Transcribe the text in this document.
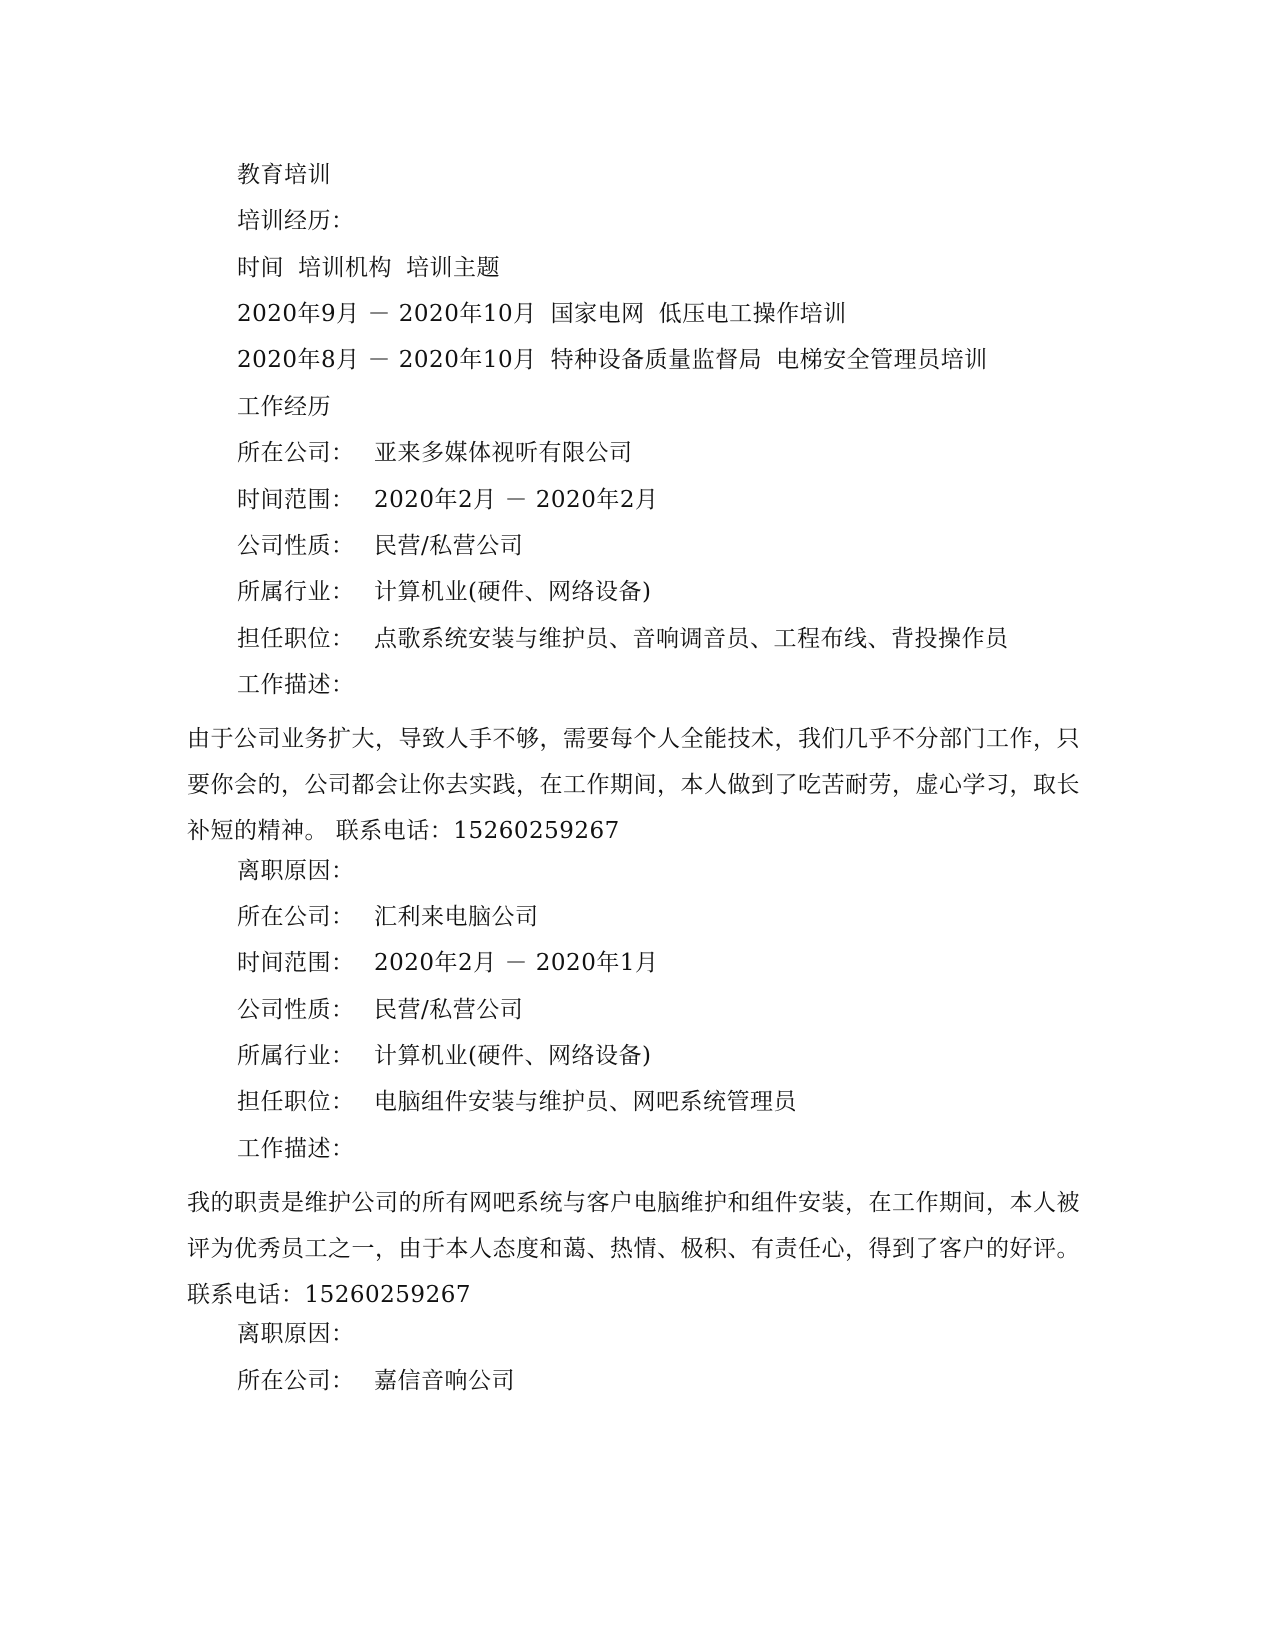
教育培训
培训经历：
时间 培训机构 培训主题
2020年9月 － 2020年10月 国家电网 低压电工操作培训
2020年8月 － 2020年10月 特种设备质量监督局 电梯安全管理员培训
工作经历
所在公司： 亚来多媒体视听有限公司
时间范围： 2020年2月 － 2020年2月
公司性质： 民营/私营公司
所属行业： 计算机业(硬件、网络设备)
担任职位： 点歌系统安装与维护员、音响调音员、工程布线、背投操作员
工作描述：
由于公司业务扩大，导致人手不够，需要每个人全能技术，我们几乎不分部门工作，只要你会的，公司都会让你去实践，在工作期间，本人做到了吃苦耐劳，虚心学习，取长补短的精神。 联系电话：15260259267
离职原因：
所在公司： 汇利来电脑公司
时间范围： 2020年2月 － 2020年1月
公司性质： 民营/私营公司
所属行业： 计算机业(硬件、网络设备)
担任职位： 电脑组件安装与维护员、网吧系统管理员
工作描述：
我的职责是维护公司的所有网吧系统与客户电脑维护和组件安装，在工作期间，本人被评为优秀员工之一，由于本人态度和蔼、热情、极积、有责任心，得到了客户的好评。 联系电话：15260259267
离职原因：
所在公司： 嘉信音响公司
